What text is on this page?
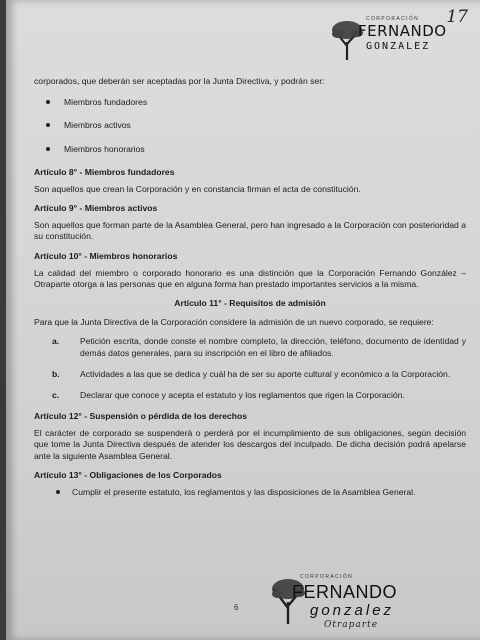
17
CORPORACIÓN
FERNANDO
GONZALEZ

corporados, que deberán ser aceptadas por la Junta Directiva, y podrán ser:

Miembros fundadores
Miembros activos
Miembros honorarios

Artículo 8° - Miembros fundadores

Son aquellos que crean la Corporación y en constancia firman el acta de constitución.

Artículo 9° - Miembros activos

Son aquellos que forman parte de la Asamblea General, pero han ingresado a la Corporación con posterioridad a su constitución.

Artículo 10° - Miembros honorarios

La calidad del miembro o corporado honorario es una distinción que la Corporación Fernando González – Otraparte otorga a las personas que en alguna forma han prestado importantes servicios a la misma.

Artículo 11° - Requisitos de admisión

Para que la Junta Directiva de la Corporación considere la admisión de un nuevo corporado, se requiere:

a. Petición escrita, donde conste el nombre completo, la dirección, teléfono, documento de identidad y demás datos generales, para su inscripción en el libro de afiliados.
b. Actividades a las que se dedica y cuál ha de ser su aporte cultural y económico a la Corporación.
c. Declarar que conoce y acepta el estatuto y los reglamentos que rigen la Corporación.

Artículo 12° - Suspensión o pérdida de los derechos

El carácter de corporado se suspenderá o perderá por el incumplimiento de sus obligaciones, según decisión que tome la Junta Directiva después de atender los descargos del inculpado. De dicha decisión podrá apelarse ante la siguiente Asamblea General.

Artículo 13° - Obligaciones de los Corporados

Cumplir el presente estatuto, los reglamentos y las disposiciones de la Asamblea General.
6
CORPORACIÓN
FERNANDO
gonzalez
Otraparte
